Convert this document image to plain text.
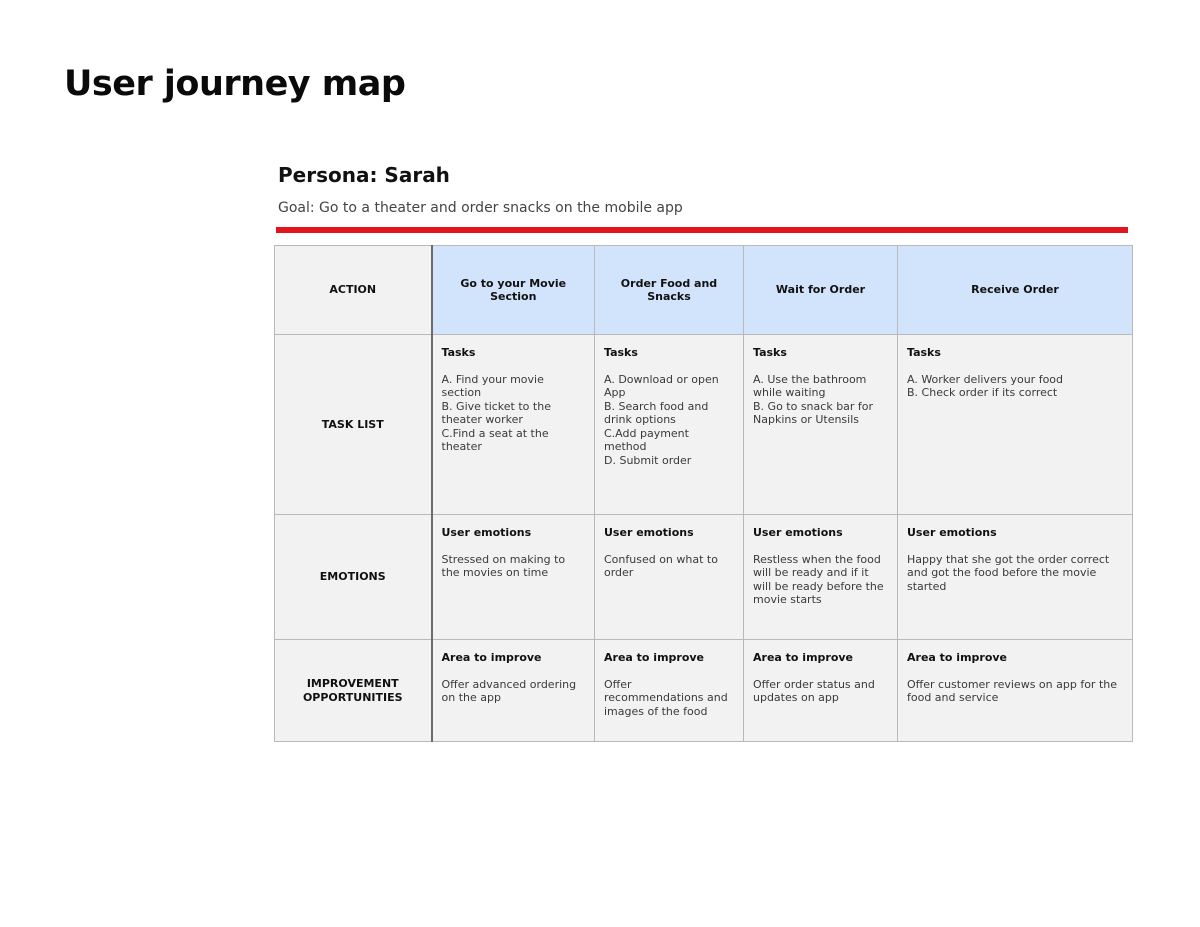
User journey map
Persona: Sarah

Goal: Go to a theater and order snacks on the mobile app

ACTION	Go to your Movie Section	Order Food and Snacks	Wait for Order	Receive Order
TASK LIST	Tasks
A. Find your movie section
B. Give ticket to the theater worker
C.Find a seat at the theater	Tasks
A. Download or open App
B. Search food and drink options
C.Add payment method
D. Submit order	Tasks
A. Use the bathroom while waiting
B. Go to snack bar for Napkins or Utensils	Tasks
A. Worker delivers your food
B. Check order if its correct

EMOTIONS	User emotions
Stressed on making to the movies on time	User emotions
Confused on what to order	User emotions
Restless when the food will be ready and if it will be ready before the movie starts	User emotions
Happy that she got the order correct and got the food before the movie started

IMPROVEMENT OPPORTUNITIES	Area to improve
Offer advanced ordering on the app	Area to improve
Offer recommendations and images of the food	Area to improve
Offer order status and updates on app	Area to improve
Offer customer reviews on app for the food and service
